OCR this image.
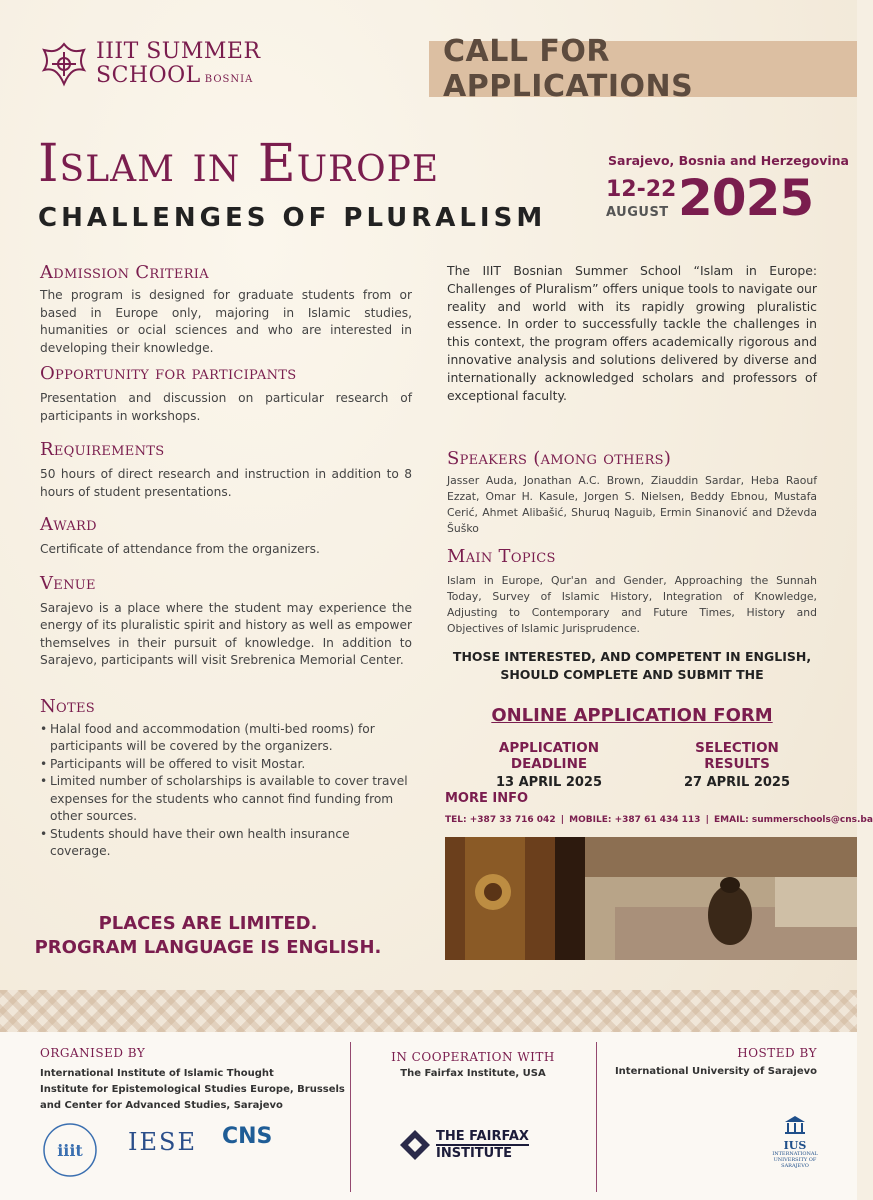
IIIT SUMMER
SCHOOL BOSNIA
CALL FOR APPLICATIONS
Islam in Europe
CHALLENGES OF PLURALISM
Sarajevo, Bosnia and Herzegovina
12-22
AUGUST 2025
Admission Criteria
The program is designed for graduate students from or based in Europe only, majoring in Islamic studies, humanities or ocial sciences and who are interested in developing their knowledge.
Opportunity for participants
Presentation and discussion on particular research of participants in workshops.
Requirements
50 hours of direct research and instruction in addition to 8 hours of student presentations.
Award
Certificate of attendance from the organizers.
Venue
Sarajevo is a place where the student may experience the energy of its pluralistic spirit and history as well as empower themselves in their pursuit of knowledge. In addition to Sarajevo, participants will visit Srebrenica Memorial Center.
Notes
• Halal food and accommodation (multi-bed rooms) for participants will be covered by the organizers.
• Participants will be offered to visit Mostar.
• Limited number of scholarships is available to cover travel expenses for the students who cannot find funding from other sources.
• Students should have their own health insurance coverage.
PLACES ARE LIMITED.
PROGRAM LANGUAGE IS ENGLISH.
The IIIT Bosnian Summer School “Islam in Europe: Challenges of Pluralism” offers unique tools to navigate our reality and world with its rapidly growing pluralistic essence. In order to successfully tackle the challenges in this context, the program offers academically rigorous and innovative analysis and solutions delivered by diverse and internationally acknowledged scholars and professors of exceptional faculty.
Speakers (among others)
Jasser Auda, Jonathan A.C. Brown, Ziauddin Sardar, Heba Raouf Ezzat, Omar H. Kasule, Jorgen S. Nielsen, Beddy Ebnou, Mustafa Cerić, Ahmet Alibašić, Shuruq Naguib, Ermin Sinanović and Dževda Šuško
Main Topics
Islam in Europe, Qur'an and Gender, Approaching the Sunnah Today, Survey of Islamic History, Integration of Knowledge, Adjusting to Contemporary and Future Times, History and Objectives of Islamic Jurisprudence.
THOSE INTERESTED, AND COMPETENT IN ENGLISH,
SHOULD COMPLETE AND SUBMIT THE
ONLINE APPLICATION FORM
APPLICATION DEADLINE
13 APRIL 2025
SELECTION RESULTS
27 APRIL 2025
MORE INFO
TEL: +387 33 716 042 | MOBILE: +387 61 434 113 | EMAIL: summerschools@cns.ba
ORGANISED BY
International Institute of Islamic Thought
Institute for Epistemological Studies Europe, Brussels
and Center for Advanced Studies, Sarajevo
iiit IESE CNS
IN COOPERATION WITH
The Fairfax Institute, USA
THE FAIRFAX
INSTITUTE
HOSTED BY
International University of Sarajevo
IUS
INTERNATIONAL UNIVERSITY OF SARAJEVO
